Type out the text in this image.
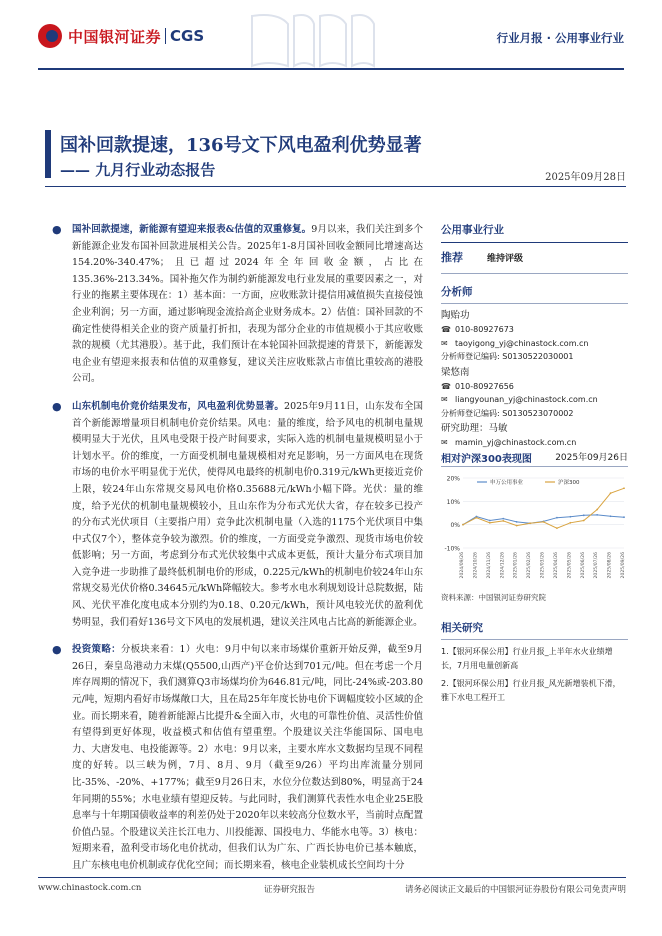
中国银河证券 CGS	行业月报 · 公用事业行业
国补回款提速，136号文下风电盈利优势显著
—— 九月行业动态报告	2025年09月28日
● 国补回款提速，新能源有望迎来报表&估值的双重修复。9月以来，我们关注到多个新能源企业发布国补回款进展相关公告。2025年1-8月国补回收金额同比增速高达154.20%-340.47%；且已超过2024年全年回收金额，占比在135.36%-213.34%。国补拖欠作为制约新能源发电行业发展的重要因素之一，对行业的拖累主要体现在：1）基本面：一方面，应收账款计提信用减值损失直接侵蚀企业利润；另一方面，通过影响现金流拾高企业财务成本。2）估值：国补回款的不确定性使得相关企业的资产质量打折扣，表现为部分企业的市值规模小于其应收账款的规模（尤其港股）。基于此，我们预计在本轮国补回款提速的背景下，新能源发电企业有望迎来报表和估值的双重修复，建议关注应收账款占市值比重较高的港股公司。
● 山东机制电价竞价结果发布，风电盈利优势显著。2025年9月11日，山东发布全国首个新能源增量项目机制电价竞价结果。风电：量的维度，给予风电的机制电量规模明显大于光伏，且风电受限于投产时间要求，实际入选的机制电量规模明显小于计划水平。价的维度，一方面受机制电量规模相对充足影响，另一方面风电在现货市场的电价水平明显优于光伏，使得风电最终的机制电价0.319元/kWh更接近竞价上限，较24年山东常规交易风电价格0.35688元/kWh小幅下降。光伏：量的维度，给予光伏的机制电量规模较小，且山东作为分布式光伏大省，存在较多已投产的分布式光伏项目（主要指户用）竞争此次机制电量（入选的1175个光伏项目中集中式仅7个），整体竞争较为激烈。价的维度，一方面受竞争激烈、现货市场电价较低影响；另一方面，考虑到分布式光伏较集中式成本更低，预计大量分布式项目加入竞争进一步助推了最终低机制电价的形成，0.225元/kWh的机制电价较24年山东常规交易光伏价格0.34645元/kWh降幅较大。参考水电水利规划设计总院数据，陆风、光伏平准化度电成本分别约为0.18、0.20元/kWh，预计风电较光伏的盈利优势明显，我们看好136号文下风电的发展机遇，建议关注风电占比高的新能源企业。
● 投资策略：分板块来看：1）火电：9月中旬以来市场煤价重新开始反弹，截至9月26日，秦皇岛港动力末煤(Q5500,山西产)平仓价达到701元/吨。但在考虑一个月库存周期的情况下，我们测算Q3市场煤均价为646.81元/吨，同比-24%或-203.80元/吨，短期内看好市场煤敞口大，且在局25年年度长协电价下调幅度较小区域的企业。而长期来看，随着新能源占比提升&全面入市，火电的可靠性价值、灵活性价值有望得到更好体现，收益模式和估值有望重塑。个股建议关注华能国际、国电电力、大唐发电、电投能源等。2）水电：9月以来，主要水库水文数据均呈现不同程度的好转。以三峡为例，7月、8月、9月（截至9/26）平均出库流量分别同比-35%、-20%、+177%；截至9月26日末，水位分位数达到80%，明显高于24年同期的55%；水电业绩有望迎反转。与此同时，我们测算代表性水电企业25E股息率与十年期国债收益率的利差仍处于2020年以来较高分位数水平，当前时点配置价值凸显。个股建议关注长江电力、川投能源、国投电力、华能水电等。3）核电：短期来看，盈利受市场化电价扰动，但我们认为广东、广西长协电价已基本触底，且广东核电电价机制或存优化空间；而长期来看，核电企业装机成长空间均十分
公用事业行业
推荐	维持评级
分析师
陶贻功
☎ 010-80927673
✉ taoyigong_yj@chinastock.com.cn
分析师登记编码: S0130522030001
梁悠南
☎ 010-80927656
✉ liangyounan_yj@chinastock.com.cn
分析师登记编码: S0130523070002
研究助理：马敏
✉ mamin_yj@chinastock.com.cn
相对沪深300表现图	2025年09月26日
20%
10%
0%
-10%
2024/09/26 2024/10/26 2024/11/26 2024/12/26 2025/01/26 2025/02/26 2025/03/26 2025/04/26 2025/05/26 2025/06/26 2025/07/26 2025/08/26 2025/09/26
申万公用事业	沪深300
资料来源：中国银河证券研究院
相关研究
1.【银河环保公用】行业月报_上半年水火业绩增长，7月用电量创新高
2.【银河环保公用】行业月报_风光新增装机下滑，雅下水电工程开工
www.chinastock.com.cn	证券研究报告	请务必阅读正文最后的中国银河证券股份有限公司免责声明
